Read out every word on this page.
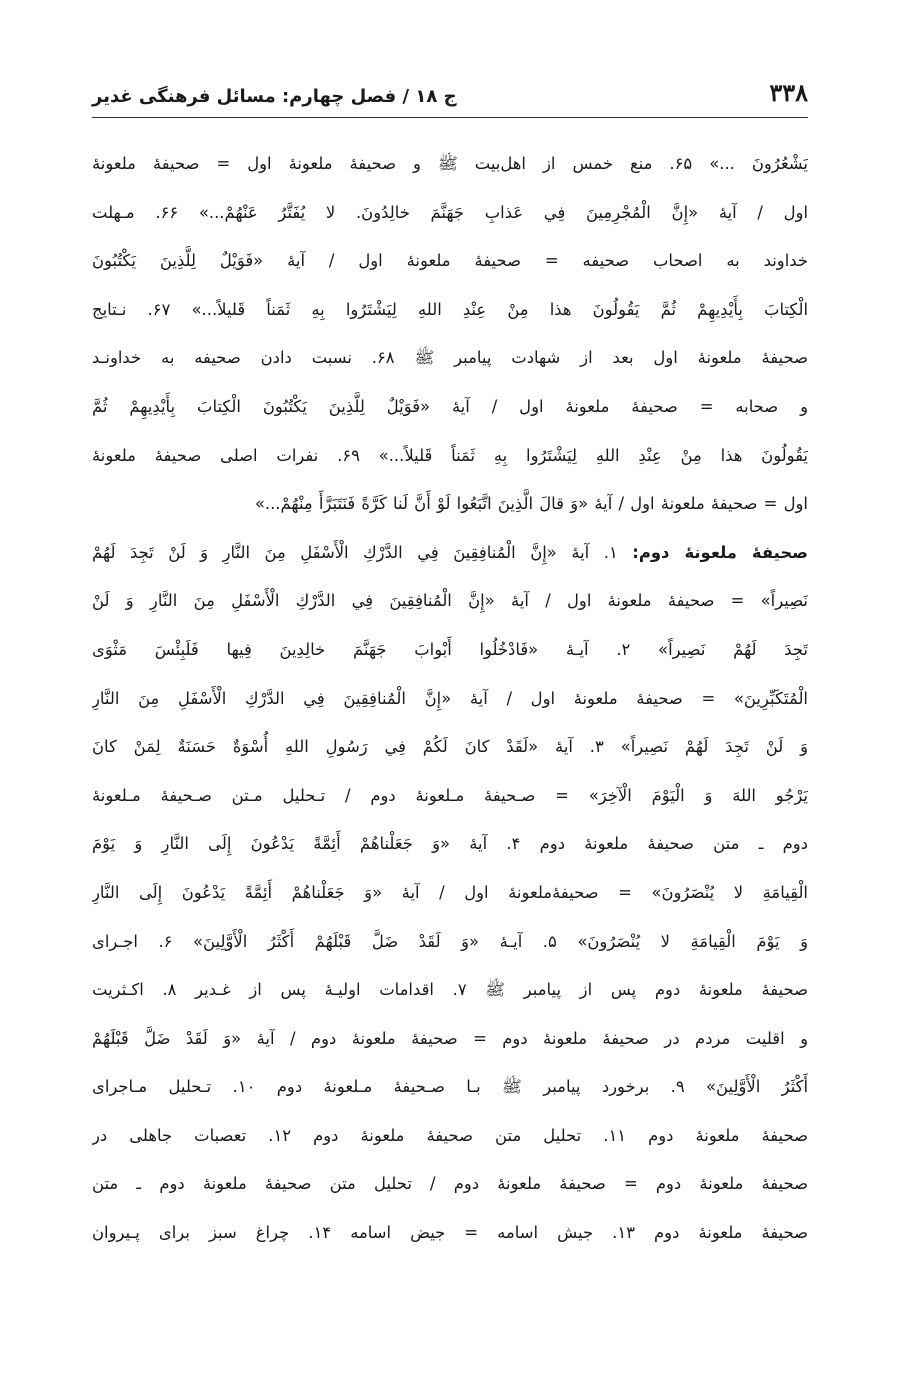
۳۳۸
ج ۱۸ / فصل چهارم: مسائل فرهنگی غدیر
يَشْعُرُونَ ...» ۶۵. منع خمس از اهل‌بیت ﷺ و صحیفهٔ ملعونهٔ اول = صحیفهٔ ملعونهٔ
اول / آیهٔ «إِنَّ الْمُجْرِمِينَ فِي عَذابِ جَهَنَّمَ خالِدُونَ. لا يُفَتَّرُ عَنْهُمْ...» ۶۶. مـهلت
خداوند به اصحاب صحیفه = صحیفهٔ ملعونهٔ اول / آیهٔ «فَوَيْلٌ لِلَّذِينَ يَكْتُبُونَ
الْكِتابَ بِأَيْدِيهِمْ ثُمَّ يَقُولُونَ هذا مِنْ عِنْدِ اللهِ لِيَشْتَرُوا بِهِ ثَمَناً قَليلاً...» ۶۷. نـتایج
صحیفهٔ ملعونهٔ اول بعد از شهادت پیامبر ﷺ ۶۸. نسبت دادن صحیفه به خداونـد
و صحابه = صحیفهٔ ملعونهٔ اول / آیهٔ «فَوَيْلٌ لِلَّذِينَ يَكْتُبُونَ الْكِتابَ بِأَيْدِيهِمْ ثُمَّ
يَقُولُونَ هذا مِنْ عِنْدِ اللهِ لِيَشْتَرُوا بِهِ ثَمَناً قَليلاً...» ۶۹. نفرات اصلی صحیفهٔ ملعونهٔ
اول = صحیفهٔ ملعونهٔ اول / آیهٔ «وَ قالَ الَّذِينَ اتَّبَعُوا لَوْ أَنَّ لَنا كَرَّةً فَنَتَبَرَّأَ مِنْهُمْ...»
صحیفهٔ ملعونهٔ دوم: ۱. آیهٔ «إِنَّ الْمُنافِقِينَ فِي الدَّرْكِ الْأَسْفَلِ مِنَ النَّارِ وَ لَنْ تَجِدَ لَهُمْ
نَصِيراً» = صحیفهٔ ملعونهٔ اول / آیهٔ «إِنَّ الْمُنافِقِينَ فِي الدَّرْكِ الْأَسْفَلِ مِنَ النَّارِ وَ لَنْ
تَجِدَ لَهُمْ نَصِيراً» ۲. آیـهٔ «فَادْخُلُوا أَبْوابَ جَهَنَّمَ خالِدِينَ فِيها فَلَبِئْسَ مَثْوَى
الْمُتَكَبِّرِينَ» = صحیفهٔ ملعونهٔ اول / آیهٔ «إِنَّ الْمُنافِقِينَ فِي الدَّرْكِ الْأَسْفَلِ مِنَ النَّارِ
وَ لَنْ تَجِدَ لَهُمْ نَصِيراً» ۳. آیهٔ «لَقَدْ كانَ لَكُمْ فِي رَسُولِ اللهِ أُسْوَةٌ حَسَنَةٌ لِمَنْ كانَ
يَرْجُو اللهَ وَ الْيَوْمَ الْآخِرَ» = صـحیفهٔ مـلعونهٔ دوم / تـحلیل مـتن صـحیفهٔ مـلعونهٔ
دوم ـ متن صحیفهٔ ملعونهٔ دوم ۴. آیهٔ «وَ جَعَلْناهُمْ أَئِمَّةً يَدْعُونَ إِلَى النَّارِ وَ يَوْمَ
الْقِيامَةِ لا يُنْصَرُونَ» = صحیفهٔ‌ملعونهٔ اول / آیهٔ «وَ جَعَلْناهُمْ أَئِمَّةً يَدْعُونَ إِلَى النَّارِ
وَ يَوْمَ الْقِيامَةِ لا يُنْصَرُونَ» ۵. آیـهٔ «وَ لَقَدْ ضَلَّ قَبْلَهُمْ أَكْثَرُ الْأَوَّلِينَ» ۶. اجـرای
صحیفهٔ ملعونهٔ دوم پس از پیامبر ﷺ ۷. اقدامات اولیـهٔ پس از غـدیر ۸. اکـثریت
و اقلیت مردم در صحیفهٔ ملعونهٔ دوم = صحیفهٔ ملعونهٔ دوم / آیهٔ «وَ لَقَدْ ضَلَّ قَبْلَهُمْ
أَكْثَرُ الْأَوَّلِينَ» ۹. برخورد پیامبر ﷺ بـا صـحیفهٔ مـلعونهٔ دوم ۱۰. تـحلیل مـاجرای
صحیفهٔ ملعونهٔ دوم ۱۱. تحلیل متن صحیفهٔ ملعونهٔ دوم ۱۲. تعصبات جاهلی در
صحیفهٔ ملعونهٔ دوم = صحیفهٔ ملعونهٔ دوم / تحلیل متن صحیفهٔ ملعونهٔ دوم ـ متن
صحیفهٔ ملعونهٔ دوم ۱۳. جیش اسامه = جیض اسامه ۱۴. چراغ سبز برای پـیروان
